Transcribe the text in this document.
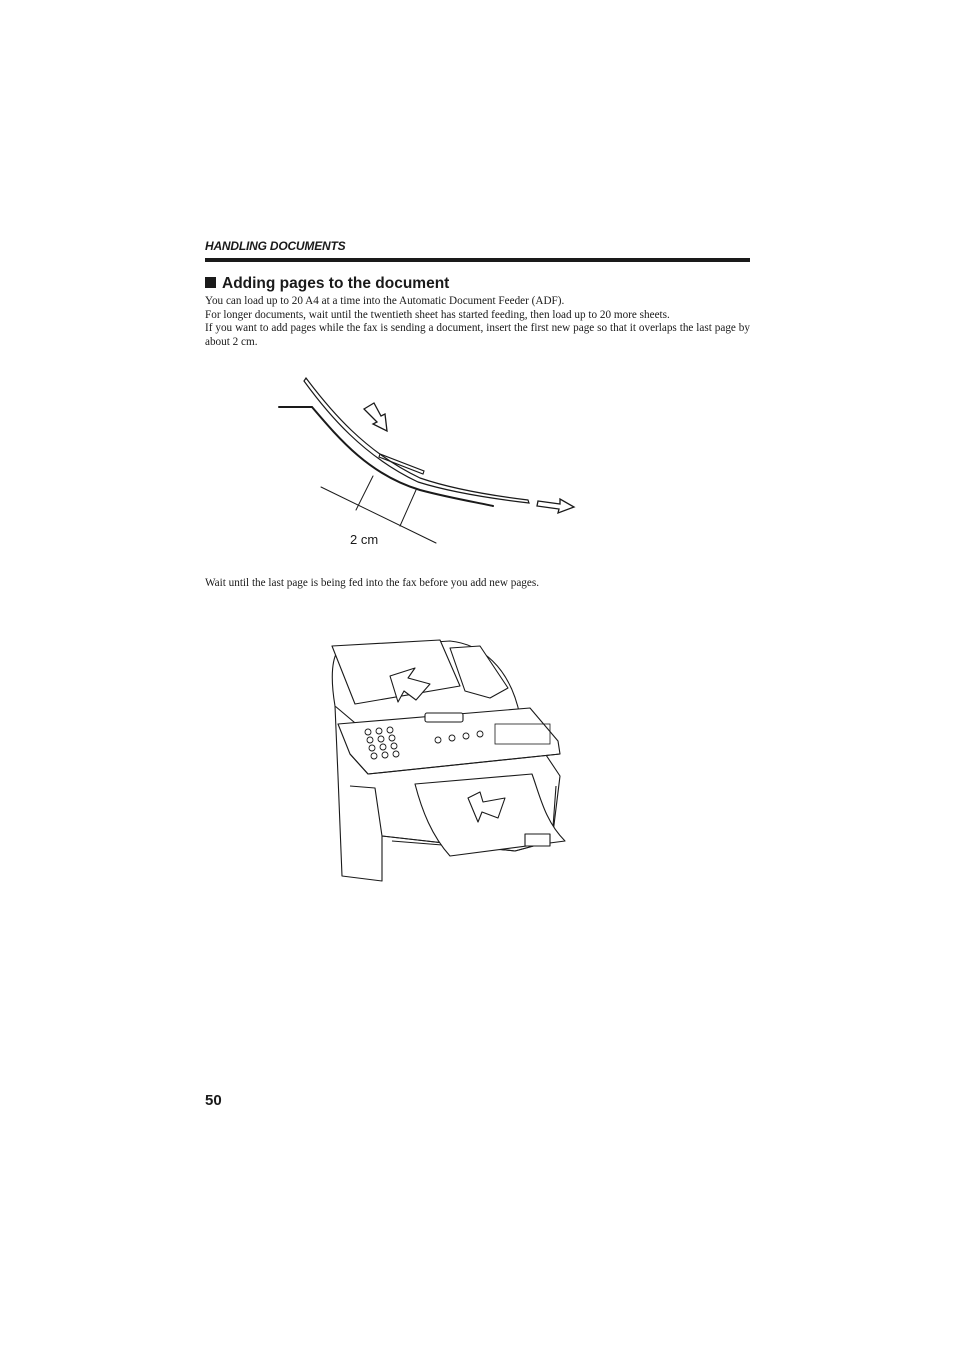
HANDLING DOCUMENTS
Adding pages to the document

You can load up to 20 A4 at a time into the Automatic Document Feeder (ADF).

For longer documents, wait until the twentieth sheet has started feeding, then load up to 20 more sheets.

If you want to add pages while the fax is sending a document, insert the first new page so that it overlaps the last page by about 2 cm.

2 cm
Wait until the last page is being fed into the fax before you add new pages.
50
